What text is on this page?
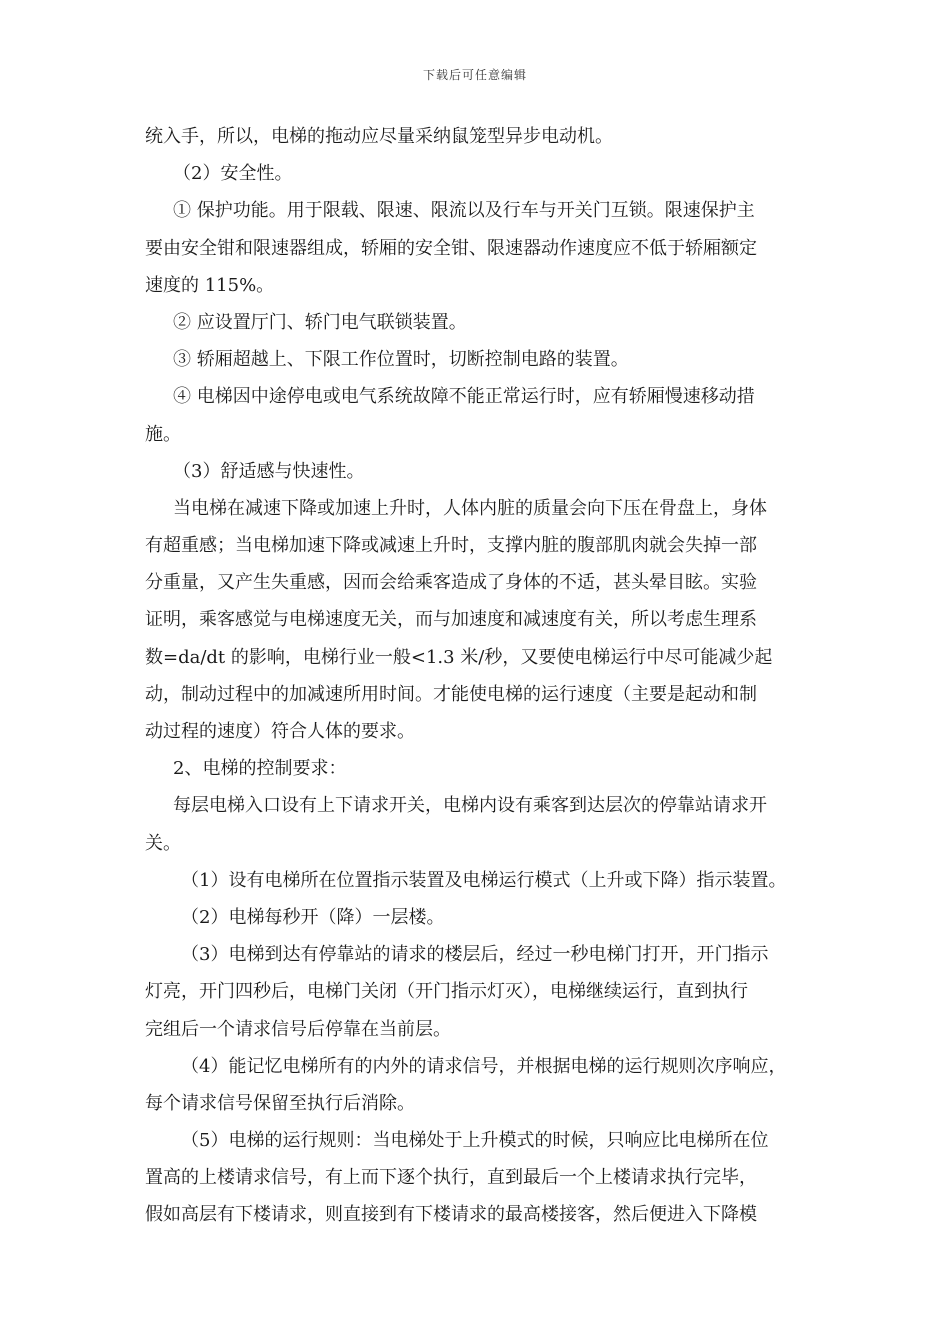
下载后可任意编辑
统入手，所以，电梯的拖动应尽量采纳鼠笼型异步电动机。
（2）安全性。
① 保护功能。用于限载、限速、限流以及行车与开关门互锁。限速保护主
要由安全钳和限速器组成，轿厢的安全钳、限速器动作速度应不低于轿厢额定
速度的 115%。
② 应设置厅门、轿门电气联锁装置。
③ 轿厢超越上、下限工作位置时，切断控制电路的装置。
④ 电梯因中途停电或电气系统故障不能正常运行时，应有轿厢慢速移动措
施。
（3）舒适感与快速性。
当电梯在减速下降或加速上升时，人体内脏的质量会向下压在骨盘上，身体
有超重感；当电梯加速下降或减速上升时，支撑内脏的腹部肌肉就会失掉一部
分重量，又产生失重感，因而会给乘客造成了身体的不适，甚头晕目眩。实验
证明，乘客感觉与电梯速度无关，而与加速度和减速度有关，所以考虑生理系
数=da/dt 的影响，电梯行业一般<1.3 米/秒，又要使电梯运行中尽可能减少起
动，制动过程中的加减速所用时间。才能使电梯的运行速度（主要是起动和制
动过程的速度）符合人体的要求。
2、电梯的控制要求：
每层电梯入口设有上下请求开关，电梯内设有乘客到达层次的停靠站请求开
关。
（1）设有电梯所在位置指示装置及电梯运行模式（上升或下降）指示装置。
（2）电梯每秒开（降）一层楼。
（3）电梯到达有停靠站的请求的楼层后，经过一秒电梯门打开，开门指示
灯亮，开门四秒后，电梯门关闭（开门指示灯灭），电梯继续运行，直到执行
完组后一个请求信号后停靠在当前层。
（4）能记忆电梯所有的内外的请求信号，并根据电梯的运行规则次序响应，
每个请求信号保留至执行后消除。
（5）电梯的运行规则：当电梯处于上升模式的时候，只响应比电梯所在位
置高的上楼请求信号，有上而下逐个执行，直到最后一个上楼请求执行完毕，
假如高层有下楼请求，则直接到有下楼请求的最高楼接客，然后便进入下降模
